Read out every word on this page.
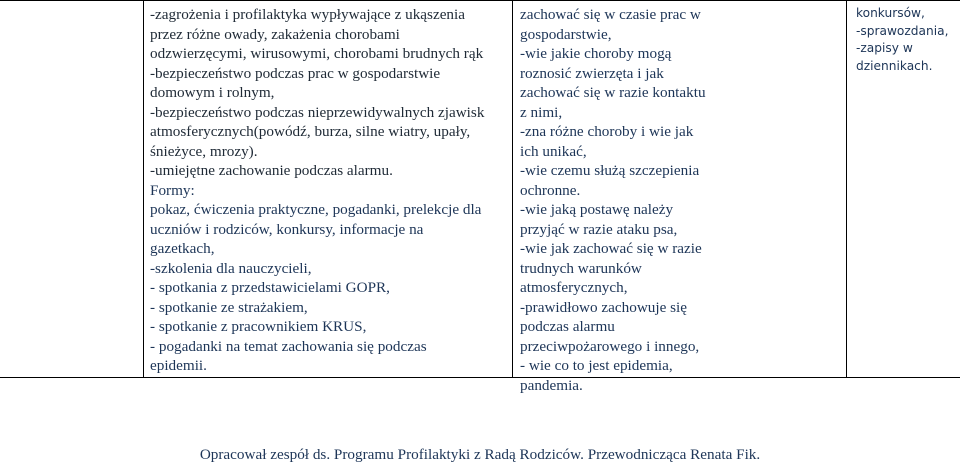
-zagrożenia i profilaktyka wypływające z ukąszenia
przez różne owady, zakażenia chorobami
odzwierzęcymi, wirusowymi, chorobami brudnych rąk
-bezpieczeństwo podczas prac w gospodarstwie
domowym i rolnym,
-bezpieczeństwo podczas nieprzewidywalnych zjawisk
atmosferycznych(powódź, burza, silne wiatry, upały,
śnieżyce, mrozy).
-umiejętne zachowanie podczas alarmu.
Formy:
pokaz, ćwiczenia praktyczne, pogadanki, prelekcje dla
uczniów i rodziców, konkursy, informacje na
gazetkach,
-szkolenia dla nauczycieli,
- spotkania z przedstawicielami GOPR,
- spotkanie ze strażakiem,
- spotkanie z pracownikiem KRUS,
- pogadanki na temat zachowania się podczas
epidemii.
zachować się w czasie prac w
gospodarstwie,
-wie jakie choroby mogą
roznosić zwierzęta i jak
zachować się w razie kontaktu
z nimi,
-zna różne choroby i wie jak
ich unikać,
-wie czemu służą szczepienia
ochronne.
-wie jaką postawę należy
przyjąć w razie ataku psa,
-wie jak zachować się w razie
trudnych warunków
atmosferycznych,
-prawidłowo zachowuje się
podczas alarmu
przeciwpożarowego i innego,
- wie co to jest epidemia,
pandemia.
konkursów,
-sprawozdania,
-zapisy w
dziennikach.
Opracował zespół ds. Programu Profilaktyki z Radą Rodziców. Przewodnicząca Renata Fik.
